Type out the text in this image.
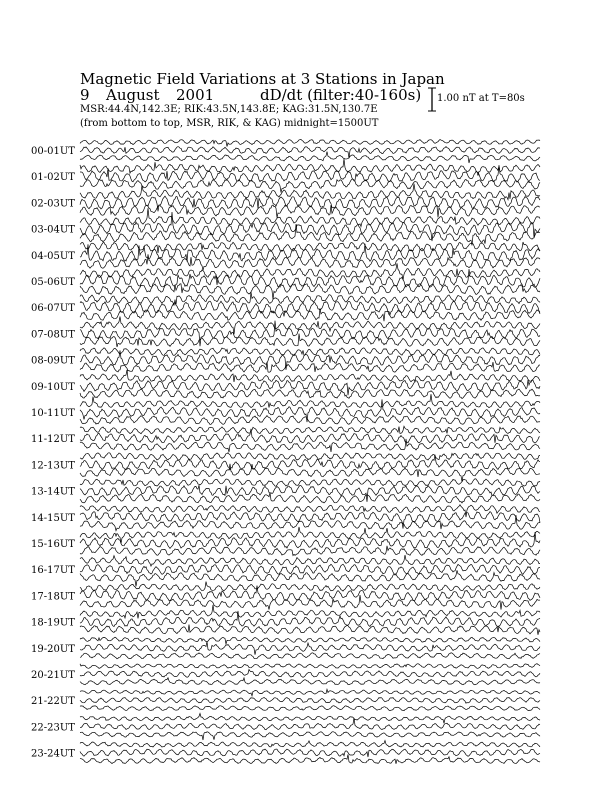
Magnetic Field Variations at 3 Stations in Japan
9 August 2001	dD/dt (filter:40-160s)
MSR:44.4N,142.3E; RIK:43.5N,143.8E; KAG:31.5N,130.7E
(from bottom to top, MSR, RIK, & KAG) midnight=1500UT
1.00 nT at T=80s
00-01UT
01-02UT
02-03UT
03-04UT
04-05UT
05-06UT
06-07UT
07-08UT
08-09UT
09-10UT
10-11UT
11-12UT
12-13UT
13-14UT
14-15UT
15-16UT
16-17UT
17-18UT
18-19UT
19-20UT
20-21UT
21-22UT
22-23UT
23-24UT
